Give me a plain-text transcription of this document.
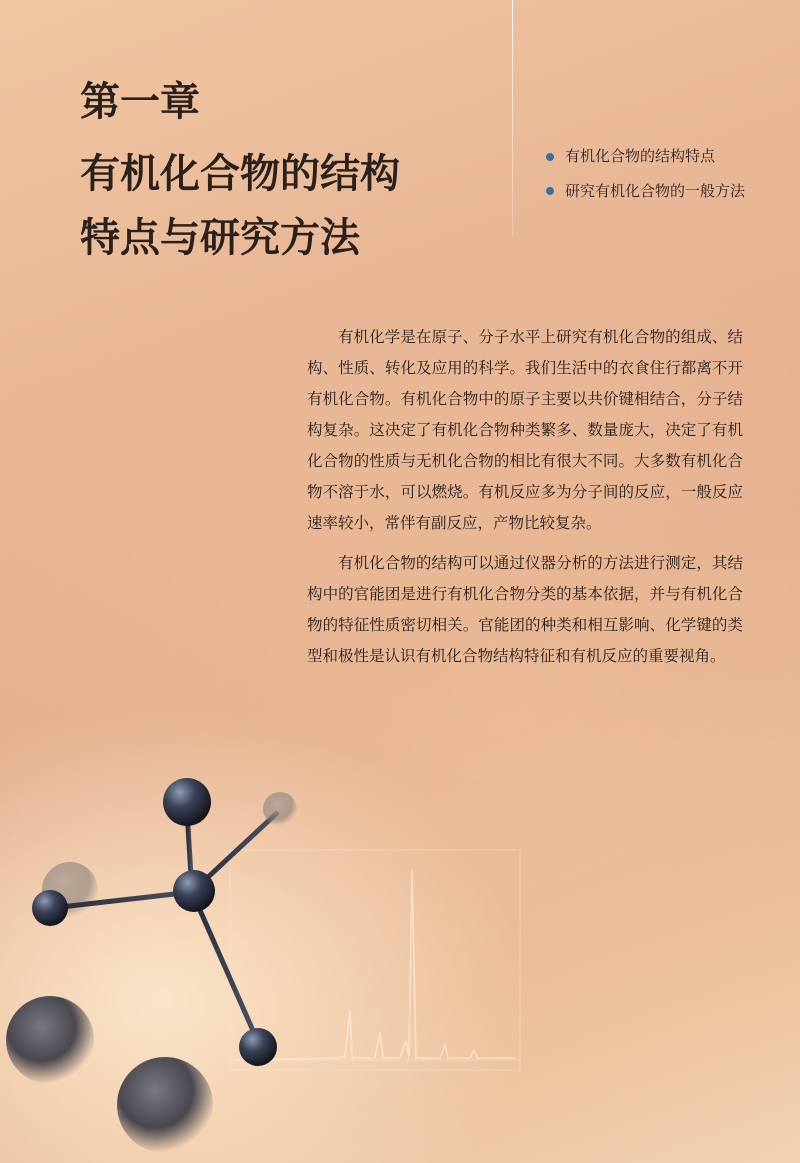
第一章
有机化合物的结构
特点与研究方法
有机化合物的结构特点
研究有机化合物的一般方法

有机化学是在原子、分子水平上研究有机化合物的组成、结构、性质、转化及应用的科学。我们生活中的衣食住行都离不开有机化合物。有机化合物中的原子主要以共价键相结合，分子结构复杂。这决定了有机化合物种类繁多、数量庞大，决定了有机化合物的性质与无机化合物的相比有很大不同。大多数有机化合物不溶于水，可以燃烧。有机反应多为分子间的反应，一般反应速率较小，常伴有副反应，产物比较复杂。

有机化合物的结构可以通过仪器分析的方法进行测定，其结构中的官能团是进行有机化合物分类的基本依据，并与有机化合物的特征性质密切相关。官能团的种类和相互影响、化学键的类型和极性是认识有机化合物结构特征和有机反应的重要视角。
